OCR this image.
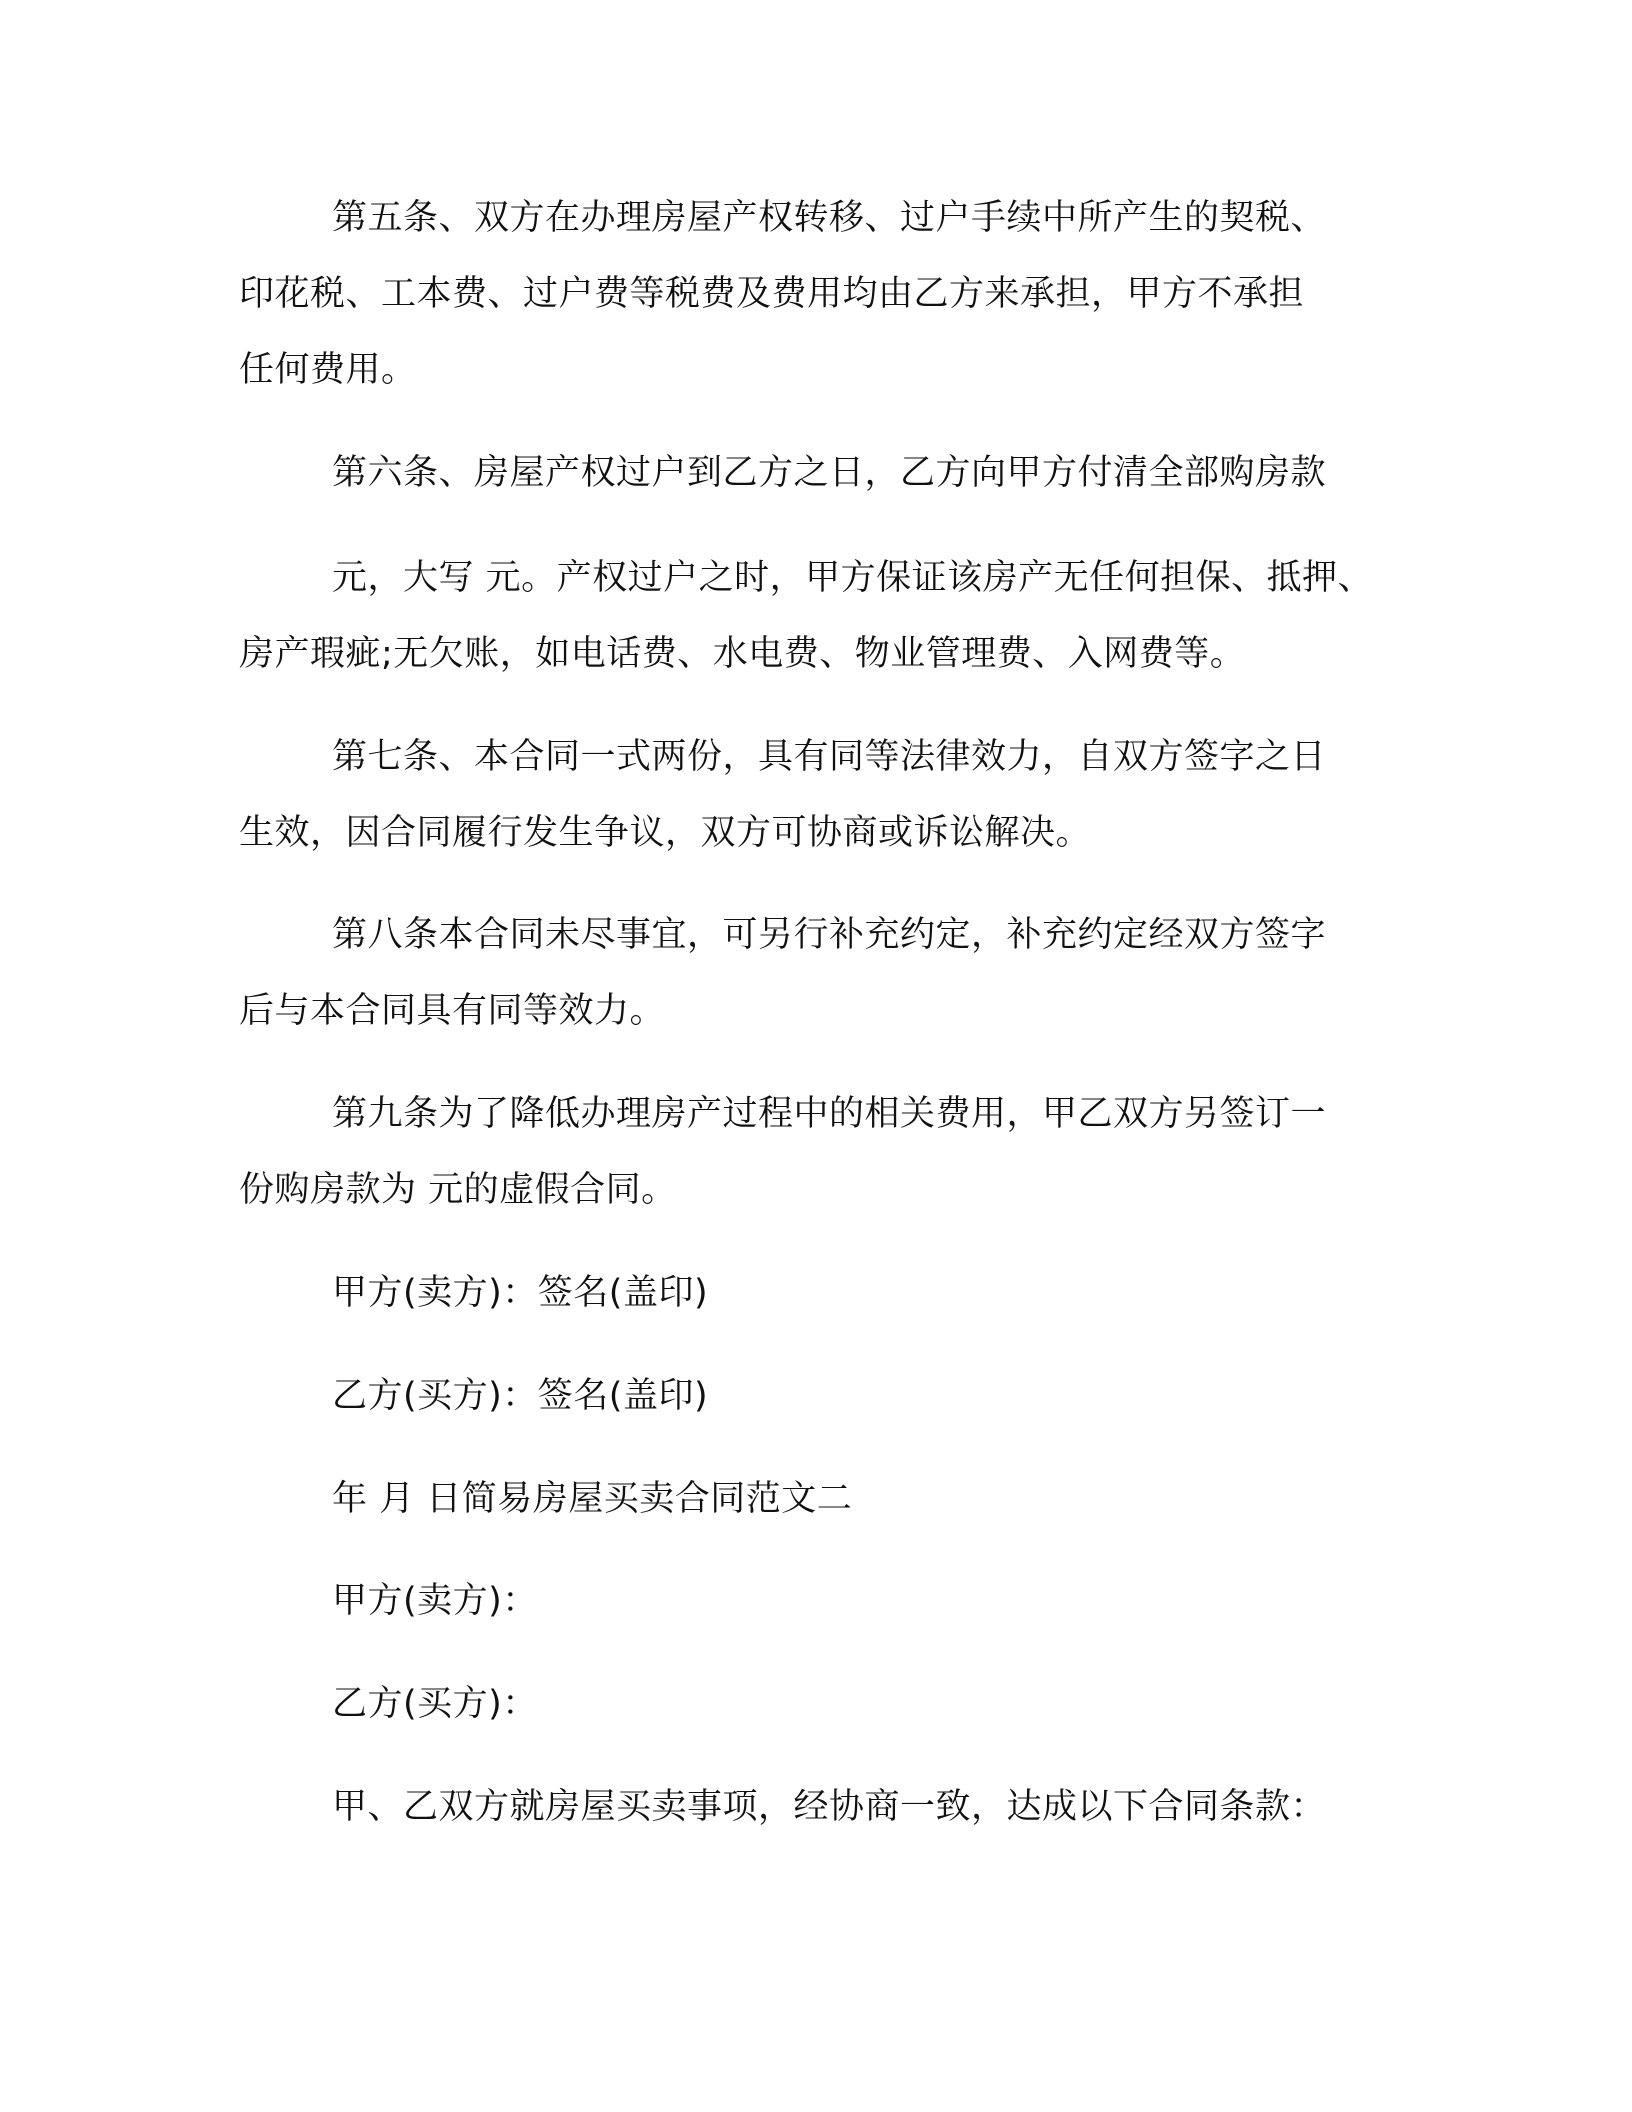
第五条、双方在办理房屋产权转移、过户手续中所产生的契税、
印花税、工本费、过户费等税费及费用均由乙方来承担，甲方不承担
任何费用。
第六条、房屋产权过户到乙方之日，乙方向甲方付清全部购房款
元，大写 元。产权过户之时，甲方保证该房产无任何担保、抵押、
房产瑕疵;无欠账，如电话费、水电费、物业管理费、入网费等。
第七条、本合同一式两份，具有同等法律效力，自双方签字之日
生效，因合同履行发生争议，双方可协商或诉讼解决。
第八条本合同未尽事宜，可另行补充约定，补充约定经双方签字
后与本合同具有同等效力。
第九条为了降低办理房产过程中的相关费用，甲乙双方另签订一
份购房款为 元的虚假合同。
甲方(卖方)：签名(盖印)
乙方(买方)：签名(盖印)
年 月 日简易房屋买卖合同范文二
甲方(卖方)：
乙方(买方)：
甲、乙双方就房屋买卖事项，经协商一致，达成以下合同条款：
